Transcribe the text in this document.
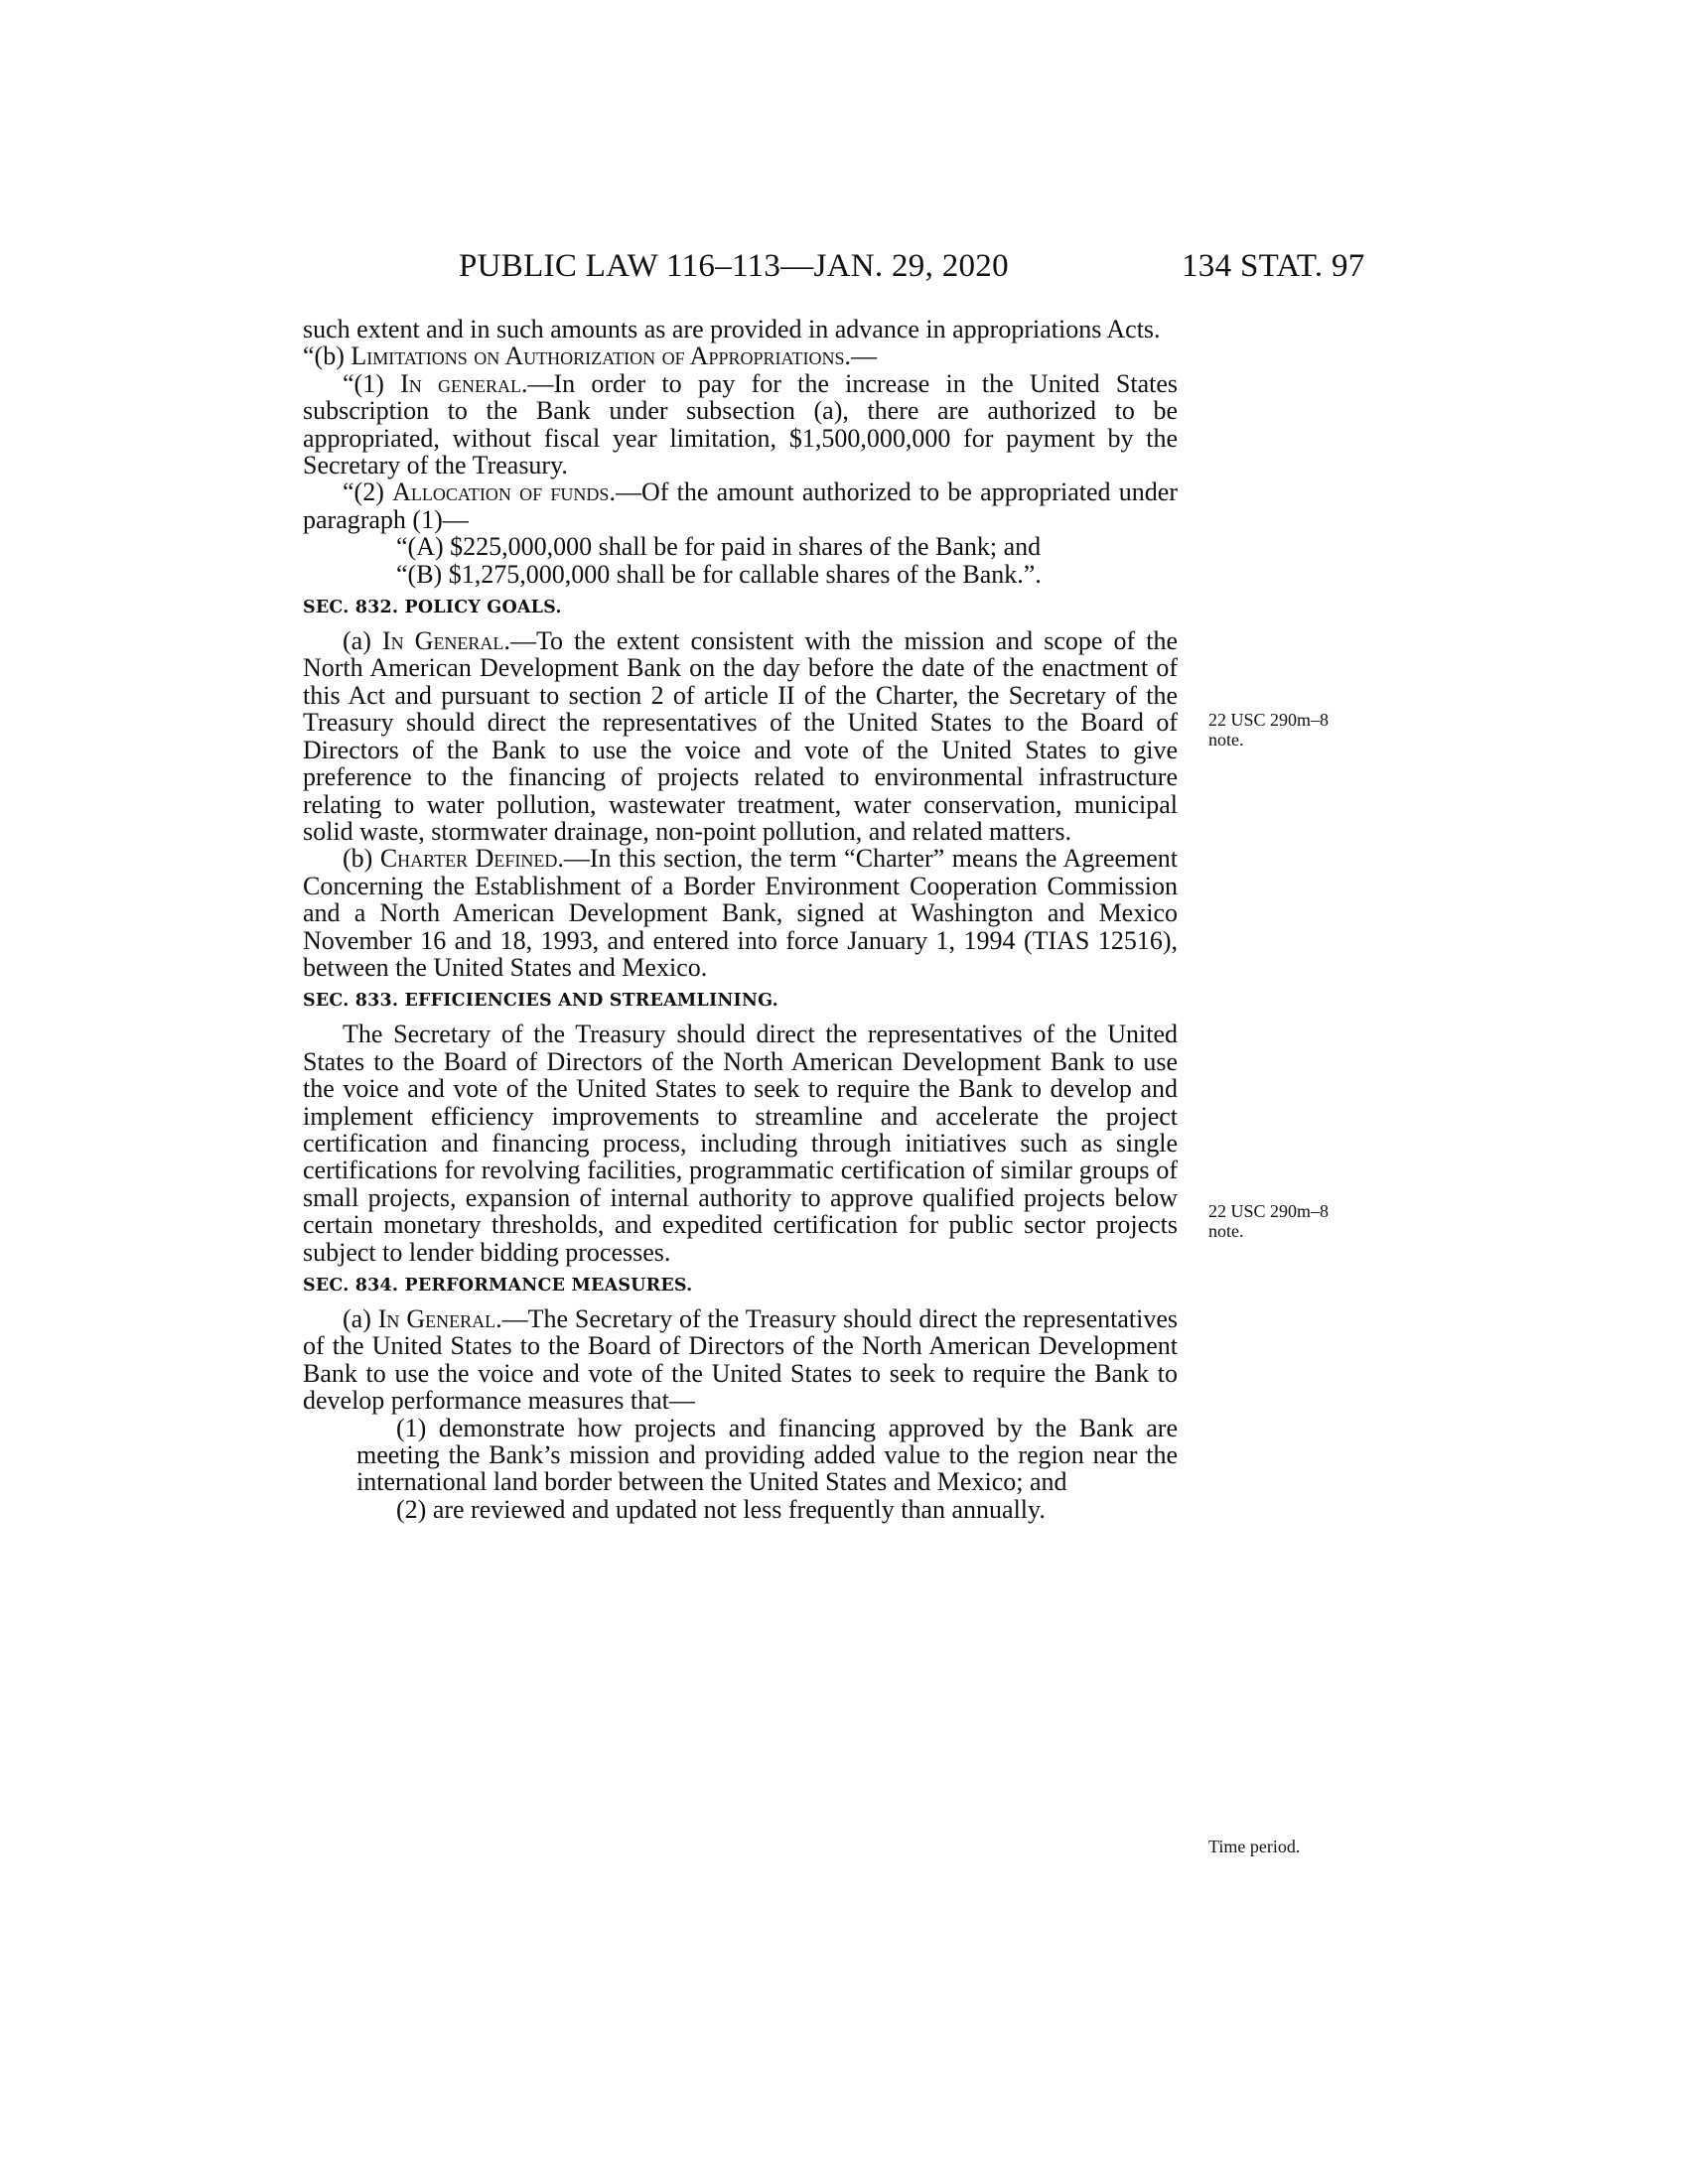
PUBLIC LAW 116–113—JAN. 29, 2020	134 STAT. 97

such extent and in such amounts as are provided in advance in appropriations Acts.

“(b) Limitations on Authorization of Appropriations.—

“(1) In general.—In order to pay for the increase in the United States subscription to the Bank under subsection (a), there are authorized to be appropriated, without fiscal year limitation, $1,500,000,000 for payment by the Secretary of the Treasury.

“(2) Allocation of funds.—Of the amount authorized to be appropriated under paragraph (1)—

“(A) $225,000,000 shall be for paid in shares of the Bank; and

“(B) $1,275,000,000 shall be for callable shares of the Bank.”.

SEC. 832. POLICY GOALS.

(a) In General.—To the extent consistent with the mission and scope of the North American Development Bank on the day before the date of the enactment of this Act and pursuant to section 2 of article II of the Charter, the Secretary of the Treasury should direct the representatives of the United States to the Board of Directors of the Bank to use the voice and vote of the United States to give preference to the financing of projects related to environmental infrastructure relating to water pollution, wastewater treatment, water conservation, municipal solid waste, stormwater drainage, non-point pollution, and related matters.

(b) Charter Defined.—In this section, the term “Charter” means the Agreement Concerning the Establishment of a Border Environment Cooperation Commission and a North American Development Bank, signed at Washington and Mexico November 16 and 18, 1993, and entered into force January 1, 1994 (TIAS 12516), between the United States and Mexico.

SEC. 833. EFFICIENCIES AND STREAMLINING.

The Secretary of the Treasury should direct the representatives of the United States to the Board of Directors of the North American Development Bank to use the voice and vote of the United States to seek to require the Bank to develop and implement efficiency improvements to streamline and accelerate the project certification and financing process, including through initiatives such as single certifications for revolving facilities, programmatic certification of similar groups of small projects, expansion of internal authority to approve qualified projects below certain monetary thresholds, and expedited certification for public sector projects subject to lender bidding processes.

SEC. 834. PERFORMANCE MEASURES.

(a) In General.—The Secretary of the Treasury should direct the representatives of the United States to the Board of Directors of the North American Development Bank to use the voice and vote of the United States to seek to require the Bank to develop performance measures that—

(1) demonstrate how projects and financing approved by the Bank are meeting the Bank’s mission and providing added value to the region near the international land border between the United States and Mexico; and

(2) are reviewed and updated not less frequently than annually.

22 USC 290m–8
note.
22 USC 290m–8
note.
Time period.
